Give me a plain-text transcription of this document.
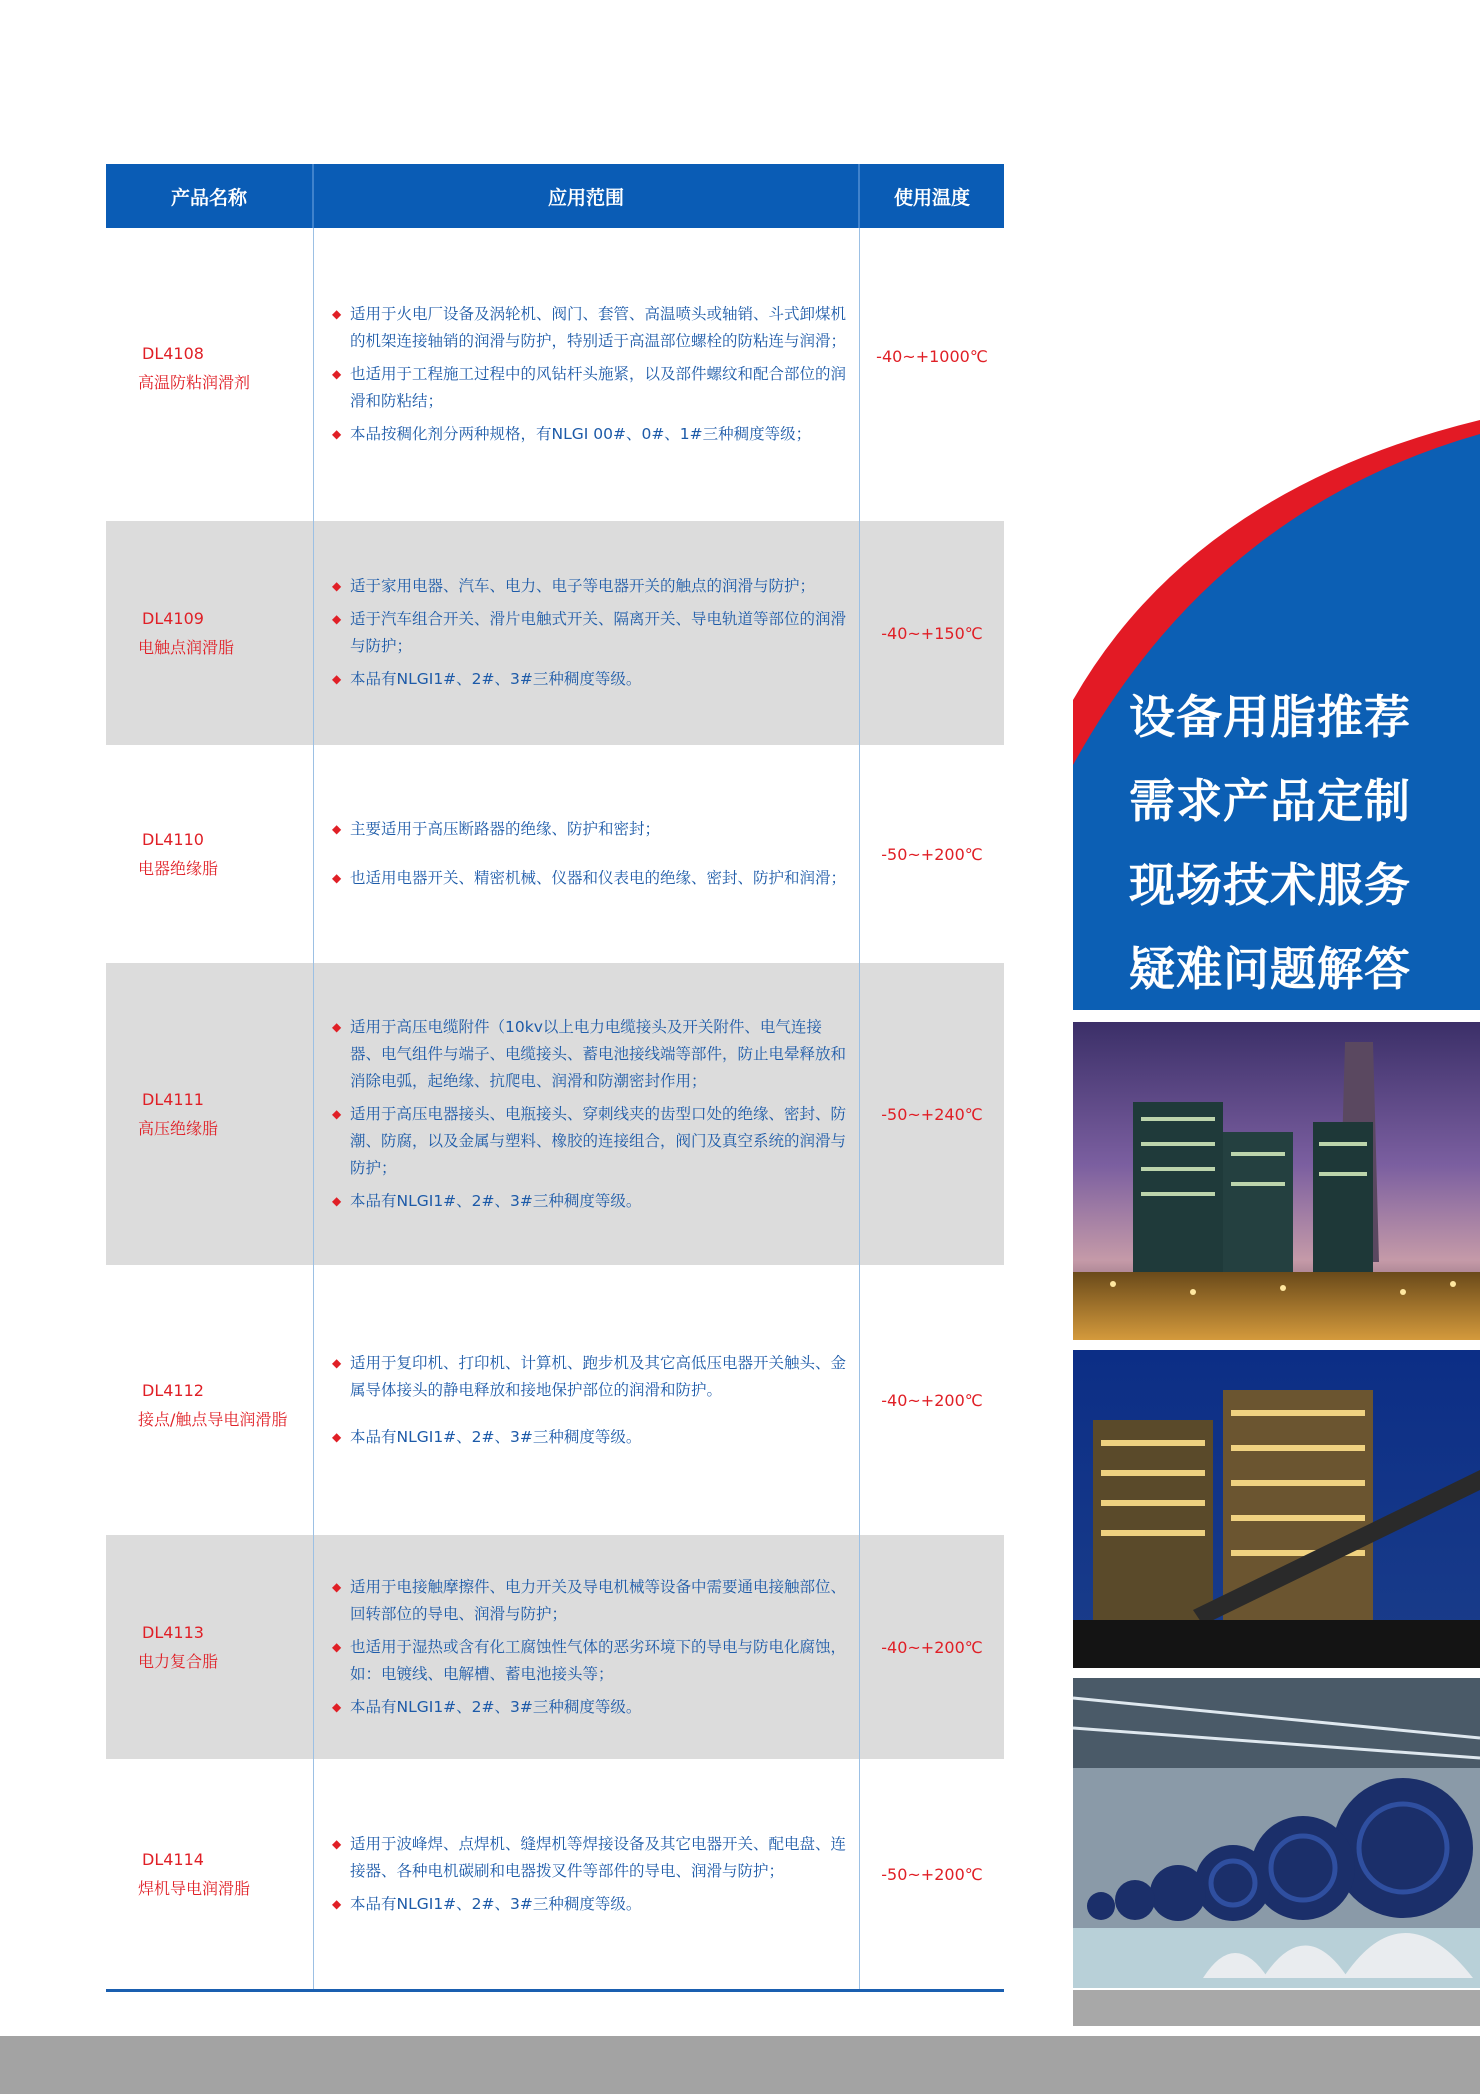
产品名称	应用范围	使用温度
DL4108
高温防粘润滑剂
◆ 适用于火电厂设备及涡轮机、阀门、套管、高温喷头或轴销、斗式卸煤机的机架连接轴销的润滑与防护，特别适于高温部位螺栓的防粘连与润滑；
◆ 也适用于工程施工过程中的风钻杆头施紧，以及部件螺纹和配合部位的润滑和防粘结；
◆ 本品按稠化剂分两种规格，有NLGI 00#、0#、1#三种稠度等级；
-40~+1000℃
DL4109
电触点润滑脂
◆ 适于家用电器、汽车、电力、电子等电器开关的触点的润滑与防护；
◆ 适于汽车组合开关、滑片电触式开关、隔离开关、导电轨道等部位的润滑与防护；
◆ 本品有NLGI1#、2#、3#三种稠度等级。
-40~+150℃
DL4110
电器绝缘脂
◆ 主要适用于高压断路器的绝缘、防护和密封；
◆ 也适用电器开关、精密机械、仪器和仪表电的绝缘、密封、防护和润滑；
-50~+200℃
DL4111
高压绝缘脂
◆ 适用于高压电缆附件（10kv以上电力电缆接头及开关附件、电气连接器、电气组件与端子、电缆接头、蓄电池接线端等部件，防止电晕释放和消除电弧，起绝缘、抗爬电、润滑和防潮密封作用；
◆ 适用于高压电器接头、电瓶接头、穿刺线夹的齿型口处的绝缘、密封、防潮、防腐，以及金属与塑料、橡胶的连接组合，阀门及真空系统的润滑与防护；
◆ 本品有NLGI1#、2#、3#三种稠度等级。
-50~+240℃
DL4112
接点/触点导电润滑脂
◆ 适用于复印机、打印机、计算机、跑步机及其它高低压电器开关触头、金属导体接头的静电释放和接地保护部位的润滑和防护。
◆ 本品有NLGI1#、2#、3#三种稠度等级。
-40~+200℃
DL4113
电力复合脂
◆ 适用于电接触摩擦件、电力开关及导电机械等设备中需要通电接触部位、回转部位的导电、润滑与防护；
◆ 也适用于湿热或含有化工腐蚀性气体的恶劣环境下的导电与防电化腐蚀，如：电镀线、电解槽、蓄电池接头等；
◆ 本品有NLGI1#、2#、3#三种稠度等级。
-40~+200℃
DL4114
焊机导电润滑脂
◆ 适用于波峰焊、点焊机、缝焊机等焊接设备及其它电器开关、配电盘、连接器、各种电机碳刷和电器拨叉件等部件的导电、润滑与防护；
◆ 本品有NLGI1#、2#、3#三种稠度等级。
-50~+200℃
设备用脂推荐
需求产品定制
现场技术服务
疑难问题解答
